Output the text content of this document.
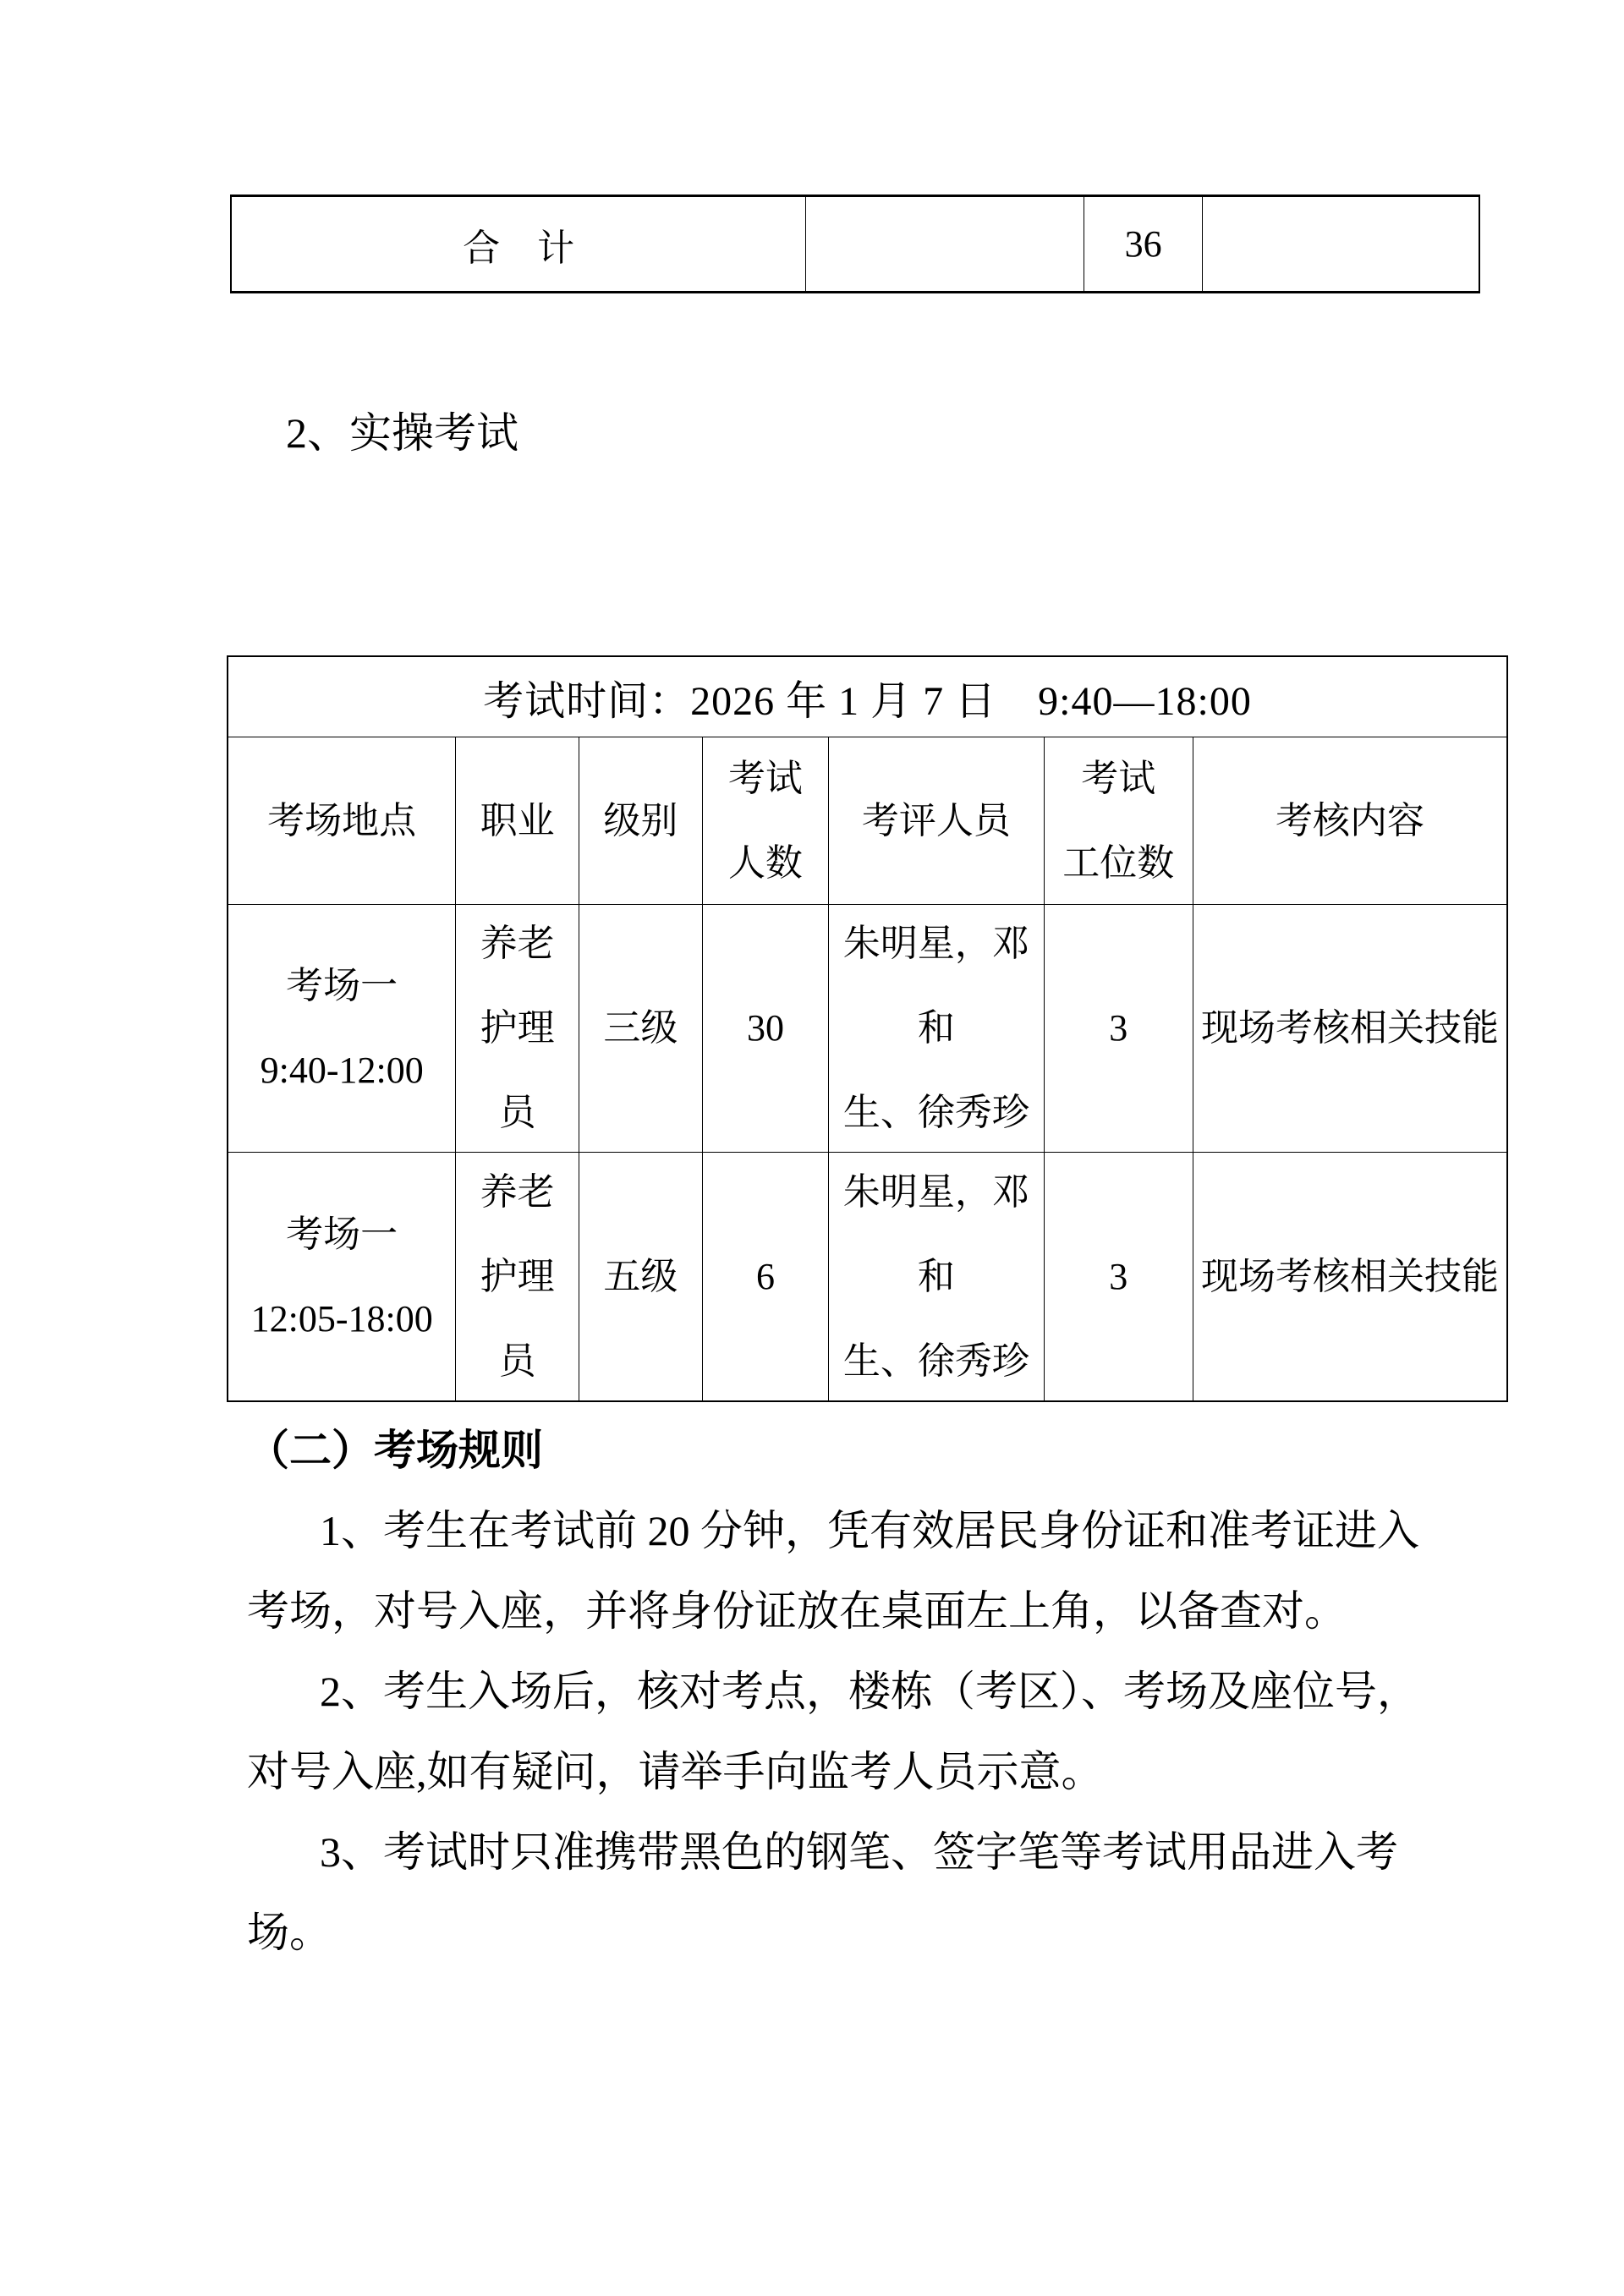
合　计	36
2、实操考试
考试时间：2026 年 1 月 7 日　9:40—18:00
考场地点 职业 级别
考试
人数
考评人员
考试
工位数
考核内容
考场一
9:40-12:00
养老
护理
员
三级 30
朱明星，邓和
生、徐秀珍
3 现场考核相关技能
考场一
12:05-18:00
养老
护理
员
五级 6
朱明星，邓和
生、徐秀珍
3 现场考核相关技能
（二）考场规则
1、考生在考试前 20 分钟，凭有效居民身份证和准考证进入
考场，对号入座，并将身份证放在桌面左上角，以备查对。
2、考生入场后，核对考点，楼栋（考区）、考场及座位号，
对号入座,如有疑问，请举手向监考人员示意。
3、考试时只准携带黑色的钢笔、签字笔等考试用品进入考
场。
